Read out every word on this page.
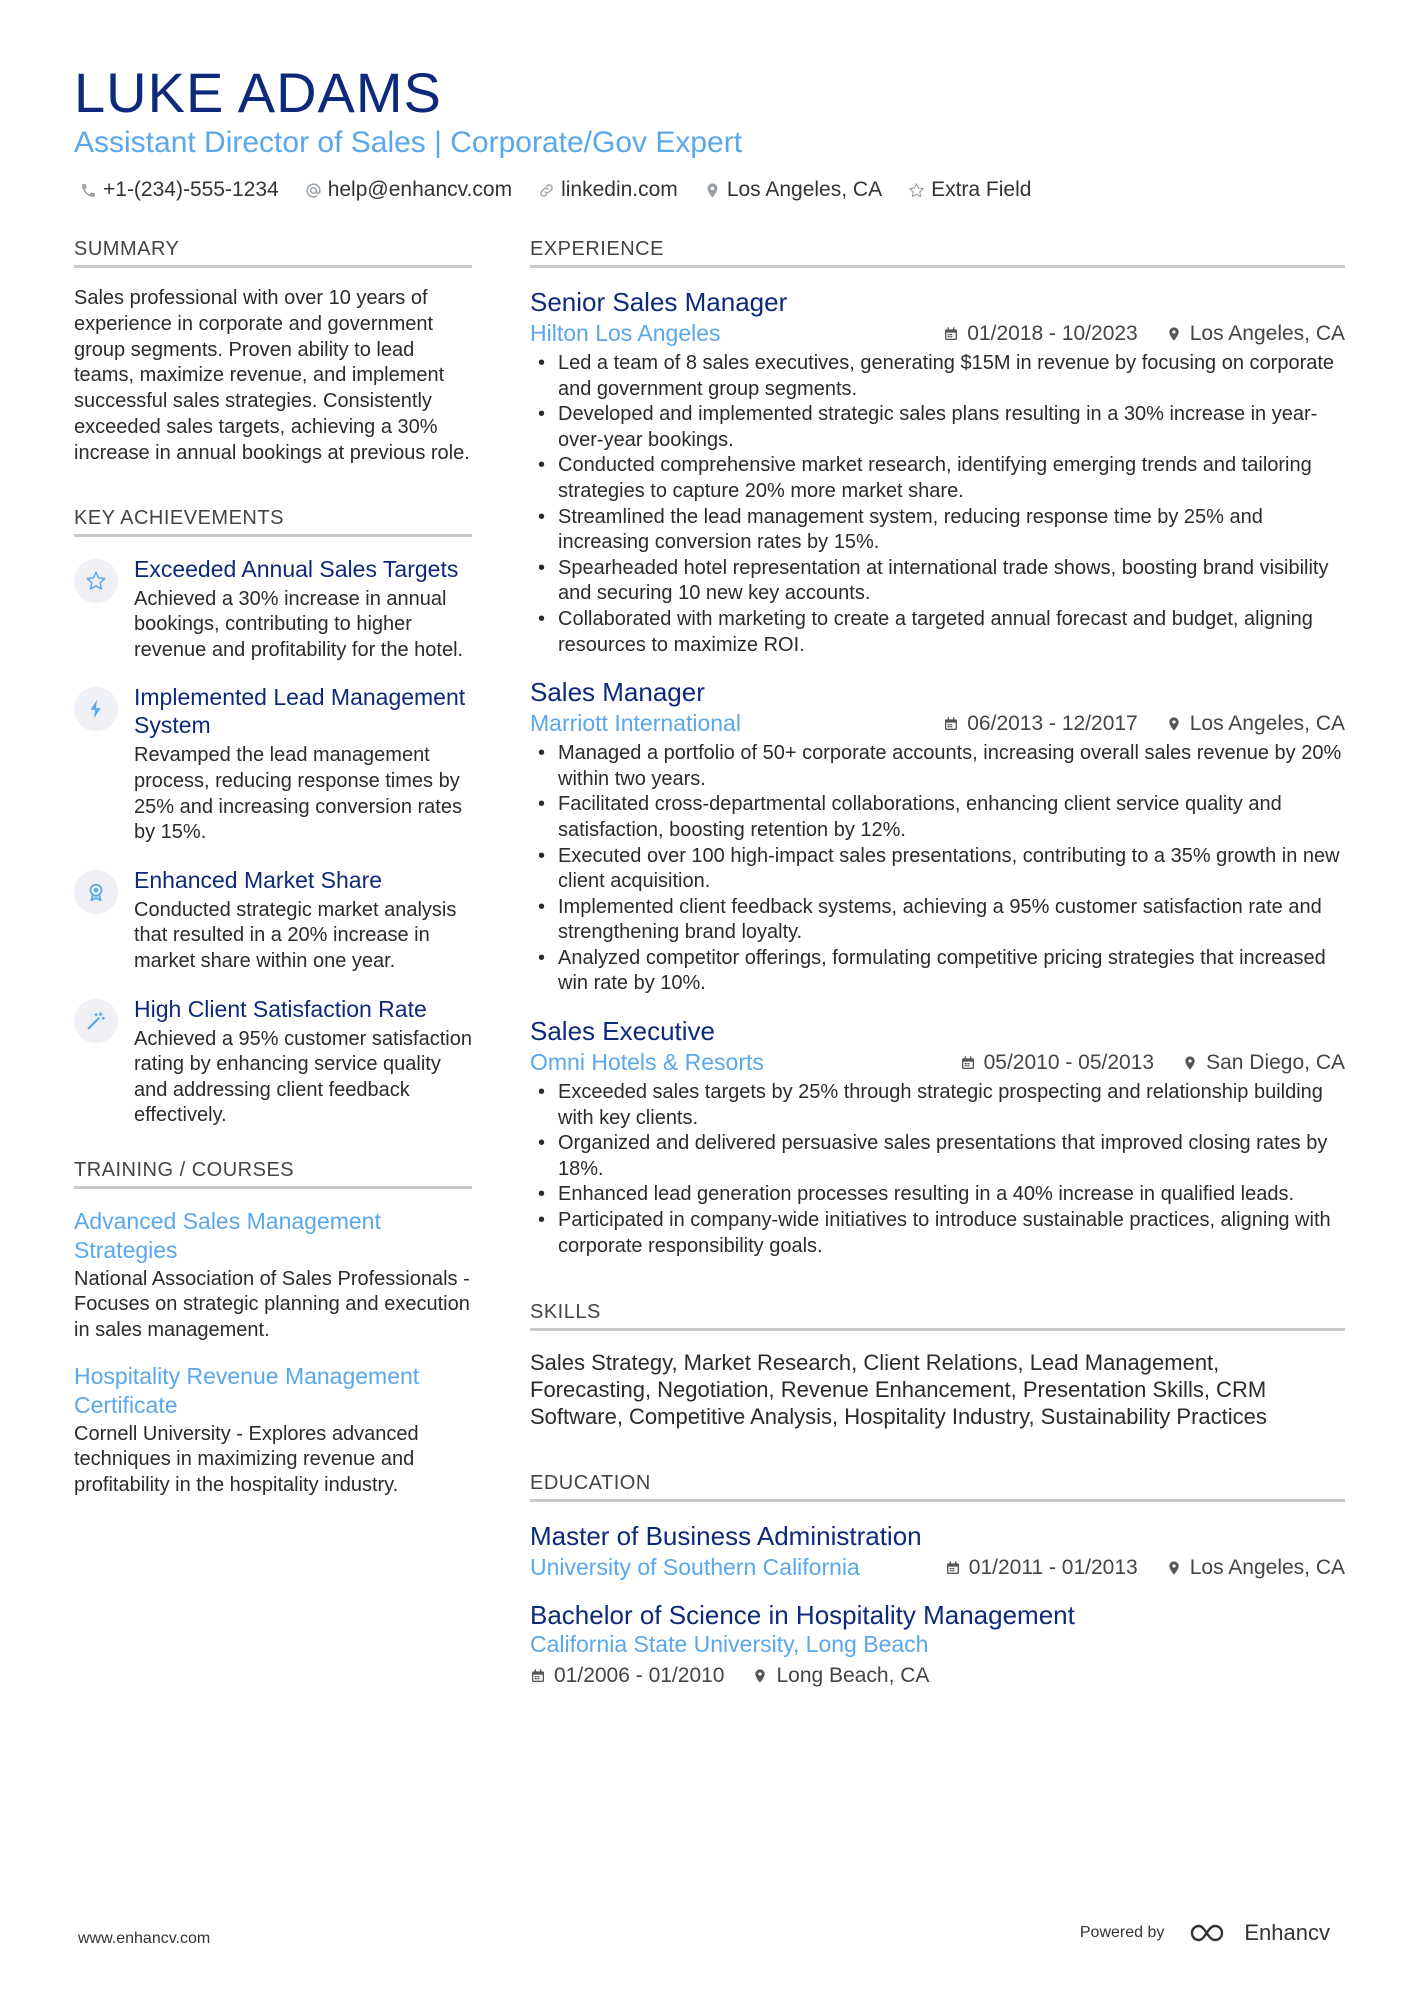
LUKE ADAMS
Assistant Director of Sales | Corporate/Gov Expert
+1-(234)-555-1234 help@enhancv.com linkedin.com Los Angeles, CA Extra Field
SUMMARY

Sales professional with over 10 years of experience in corporate and government group segments. Proven ability to lead teams, maximize revenue, and implement successful sales strategies. Consistently exceeded sales targets, achieving a 30% increase in annual bookings at previous role.

KEY ACHIEVEMENTS
Exceeded Annual Sales Targets
Achieved a 30% increase in annual bookings, contributing to higher revenue and profitability for the hotel.
Implemented Lead Management System
Revamped the lead management process, reducing response times by 25% and increasing conversion rates by 15%.
Enhanced Market Share
Conducted strategic market analysis that resulted in a 20% increase in market share within one year.
High Client Satisfaction Rate
Achieved a 95% customer satisfaction rating by enhancing service quality and addressing client feedback effectively.
TRAINING / COURSES
Advanced Sales Management Strategies
National Association of Sales Professionals - Focuses on strategic planning and execution in sales management.
Hospitality Revenue Management Certificate
Cornell University - Explores advanced techniques in maximizing revenue and profitability in the hospitality industry.
EXPERIENCE
Senior Sales Manager
Hilton Los Angeles	01/2018 - 10/2023 Los Angeles, CA
• Led a team of 8 sales executives, generating $15M in revenue by focusing on corporate and government group segments.
• Developed and implemented strategic sales plans resulting in a 30% increase in year-over-year bookings.
• Conducted comprehensive market research, identifying emerging trends and tailoring strategies to capture 20% more market share.
• Streamlined the lead management system, reducing response time by 25% and increasing conversion rates by 15%.
• Spearheaded hotel representation at international trade shows, boosting brand visibility and securing 10 new key accounts.
• Collaborated with marketing to create a targeted annual forecast and budget, aligning resources to maximize ROI.
Sales Manager
Marriott International	06/2013 - 12/2017 Los Angeles, CA
• Managed a portfolio of 50+ corporate accounts, increasing overall sales revenue by 20% within two years.
• Facilitated cross-departmental collaborations, enhancing client service quality and satisfaction, boosting retention by 12%.
• Executed over 100 high-impact sales presentations, contributing to a 35% growth in new client acquisition.
• Implemented client feedback systems, achieving a 95% customer satisfaction rate and strengthening brand loyalty.
• Analyzed competitor offerings, formulating competitive pricing strategies that increased win rate by 10%.
Sales Executive
Omni Hotels & Resorts	05/2010 - 05/2013 San Diego, CA
• Exceeded sales targets by 25% through strategic prospecting and relationship building with key clients.
• Organized and delivered persuasive sales presentations that improved closing rates by 18%.
• Enhanced lead generation processes resulting in a 40% increase in qualified leads.
• Participated in company-wide initiatives to introduce sustainable practices, aligning with corporate responsibility goals.
SKILLS

Sales Strategy, Market Research, Client Relations, Lead Management, Forecasting, Negotiation, Revenue Enhancement, Presentation Skills, CRM Software, Competitive Analysis, Hospitality Industry, Sustainability Practices

EDUCATION
Master of Business Administration
University of Southern California	01/2011 - 01/2013 Los Angeles, CA
Bachelor of Science in Hospitality Management
California State University, Long Beach
01/2006 - 01/2010 Long Beach, CA
www.enhancv.com	Powered by	Enhancv
